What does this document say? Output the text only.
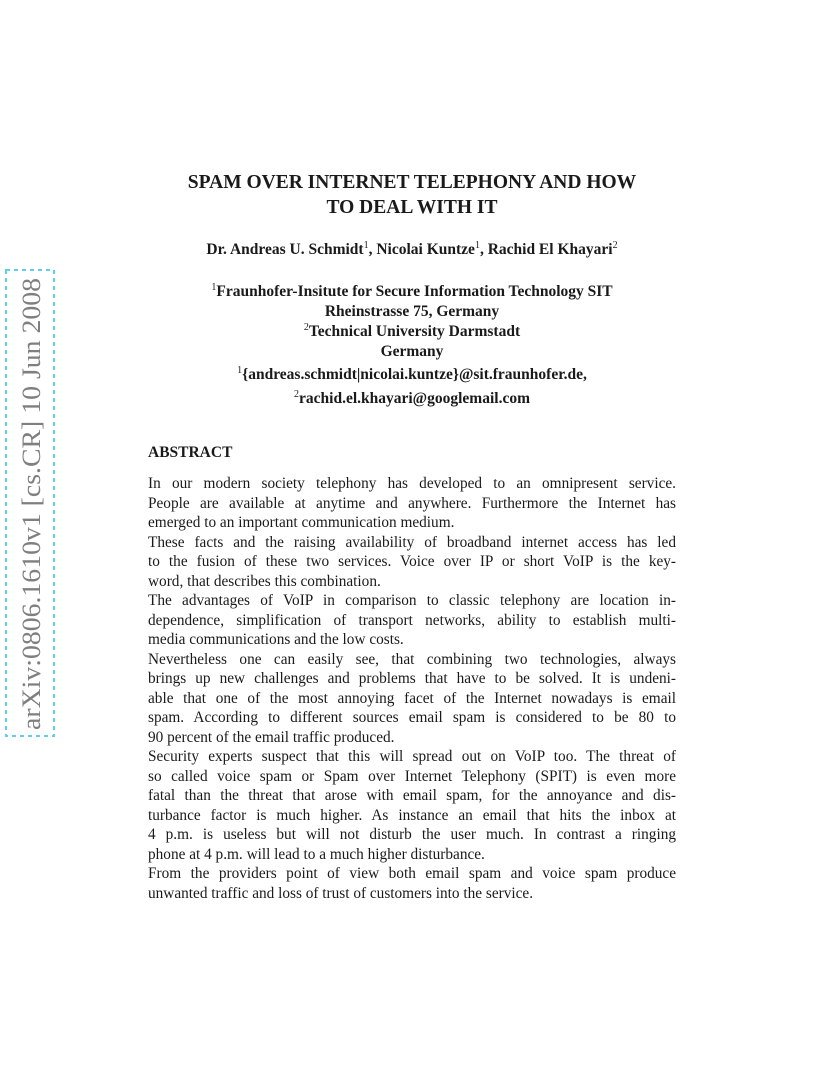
arXiv:0806.1610v1 [cs.CR] 10 Jun 2008
SPAM OVER INTERNET TELEPHONY AND HOW
TO DEAL WITH IT
Dr. Andreas U. Schmidt$^1$, Nicolai Kuntze$^1$, Rachid El Khayari$^2$
$^1$Fraunhofer-Insitute for Secure Information Technology SIT
Rheinstrasse 75, Germany
$^2$Technical University Darmstadt
Germany
$^1${andreas.schmidt|nicolai.kuntze}@sit.fraunhofer.de,
$^2$rachid.el.khayari@googlemail.com
ABSTRACT
In our modern society telephony has developed to an omnipresent service.
People are available at anytime and anywhere. Furthermore the Internet has
emerged to an important communication medium.
These facts and the raising availability of broadband internet access has led
to the fusion of these two services. Voice over IP or short VoIP is the key-
word, that describes this combination.
The advantages of VoIP in comparison to classic telephony are location in-
dependence, simplification of transport networks, ability to establish multi-
media communications and the low costs.
Nevertheless one can easily see, that combining two technologies, always
brings up new challenges and problems that have to be solved. It is undeni-
able that one of the most annoying facet of the Internet nowadays is email
spam. According to different sources email spam is considered to be 80 to
90 percent of the email traffic produced.
Security experts suspect that this will spread out on VoIP too. The threat of
so called voice spam or Spam over Internet Telephony (SPIT) is even more
fatal than the threat that arose with email spam, for the annoyance and dis-
turbance factor is much higher. As instance an email that hits the inbox at
4 p.m. is useless but will not disturb the user much. In contrast a ringing
phone at 4 p.m. will lead to a much higher disturbance.
From the providers point of view both email spam and voice spam produce
unwanted traffic and loss of trust of customers into the service.
